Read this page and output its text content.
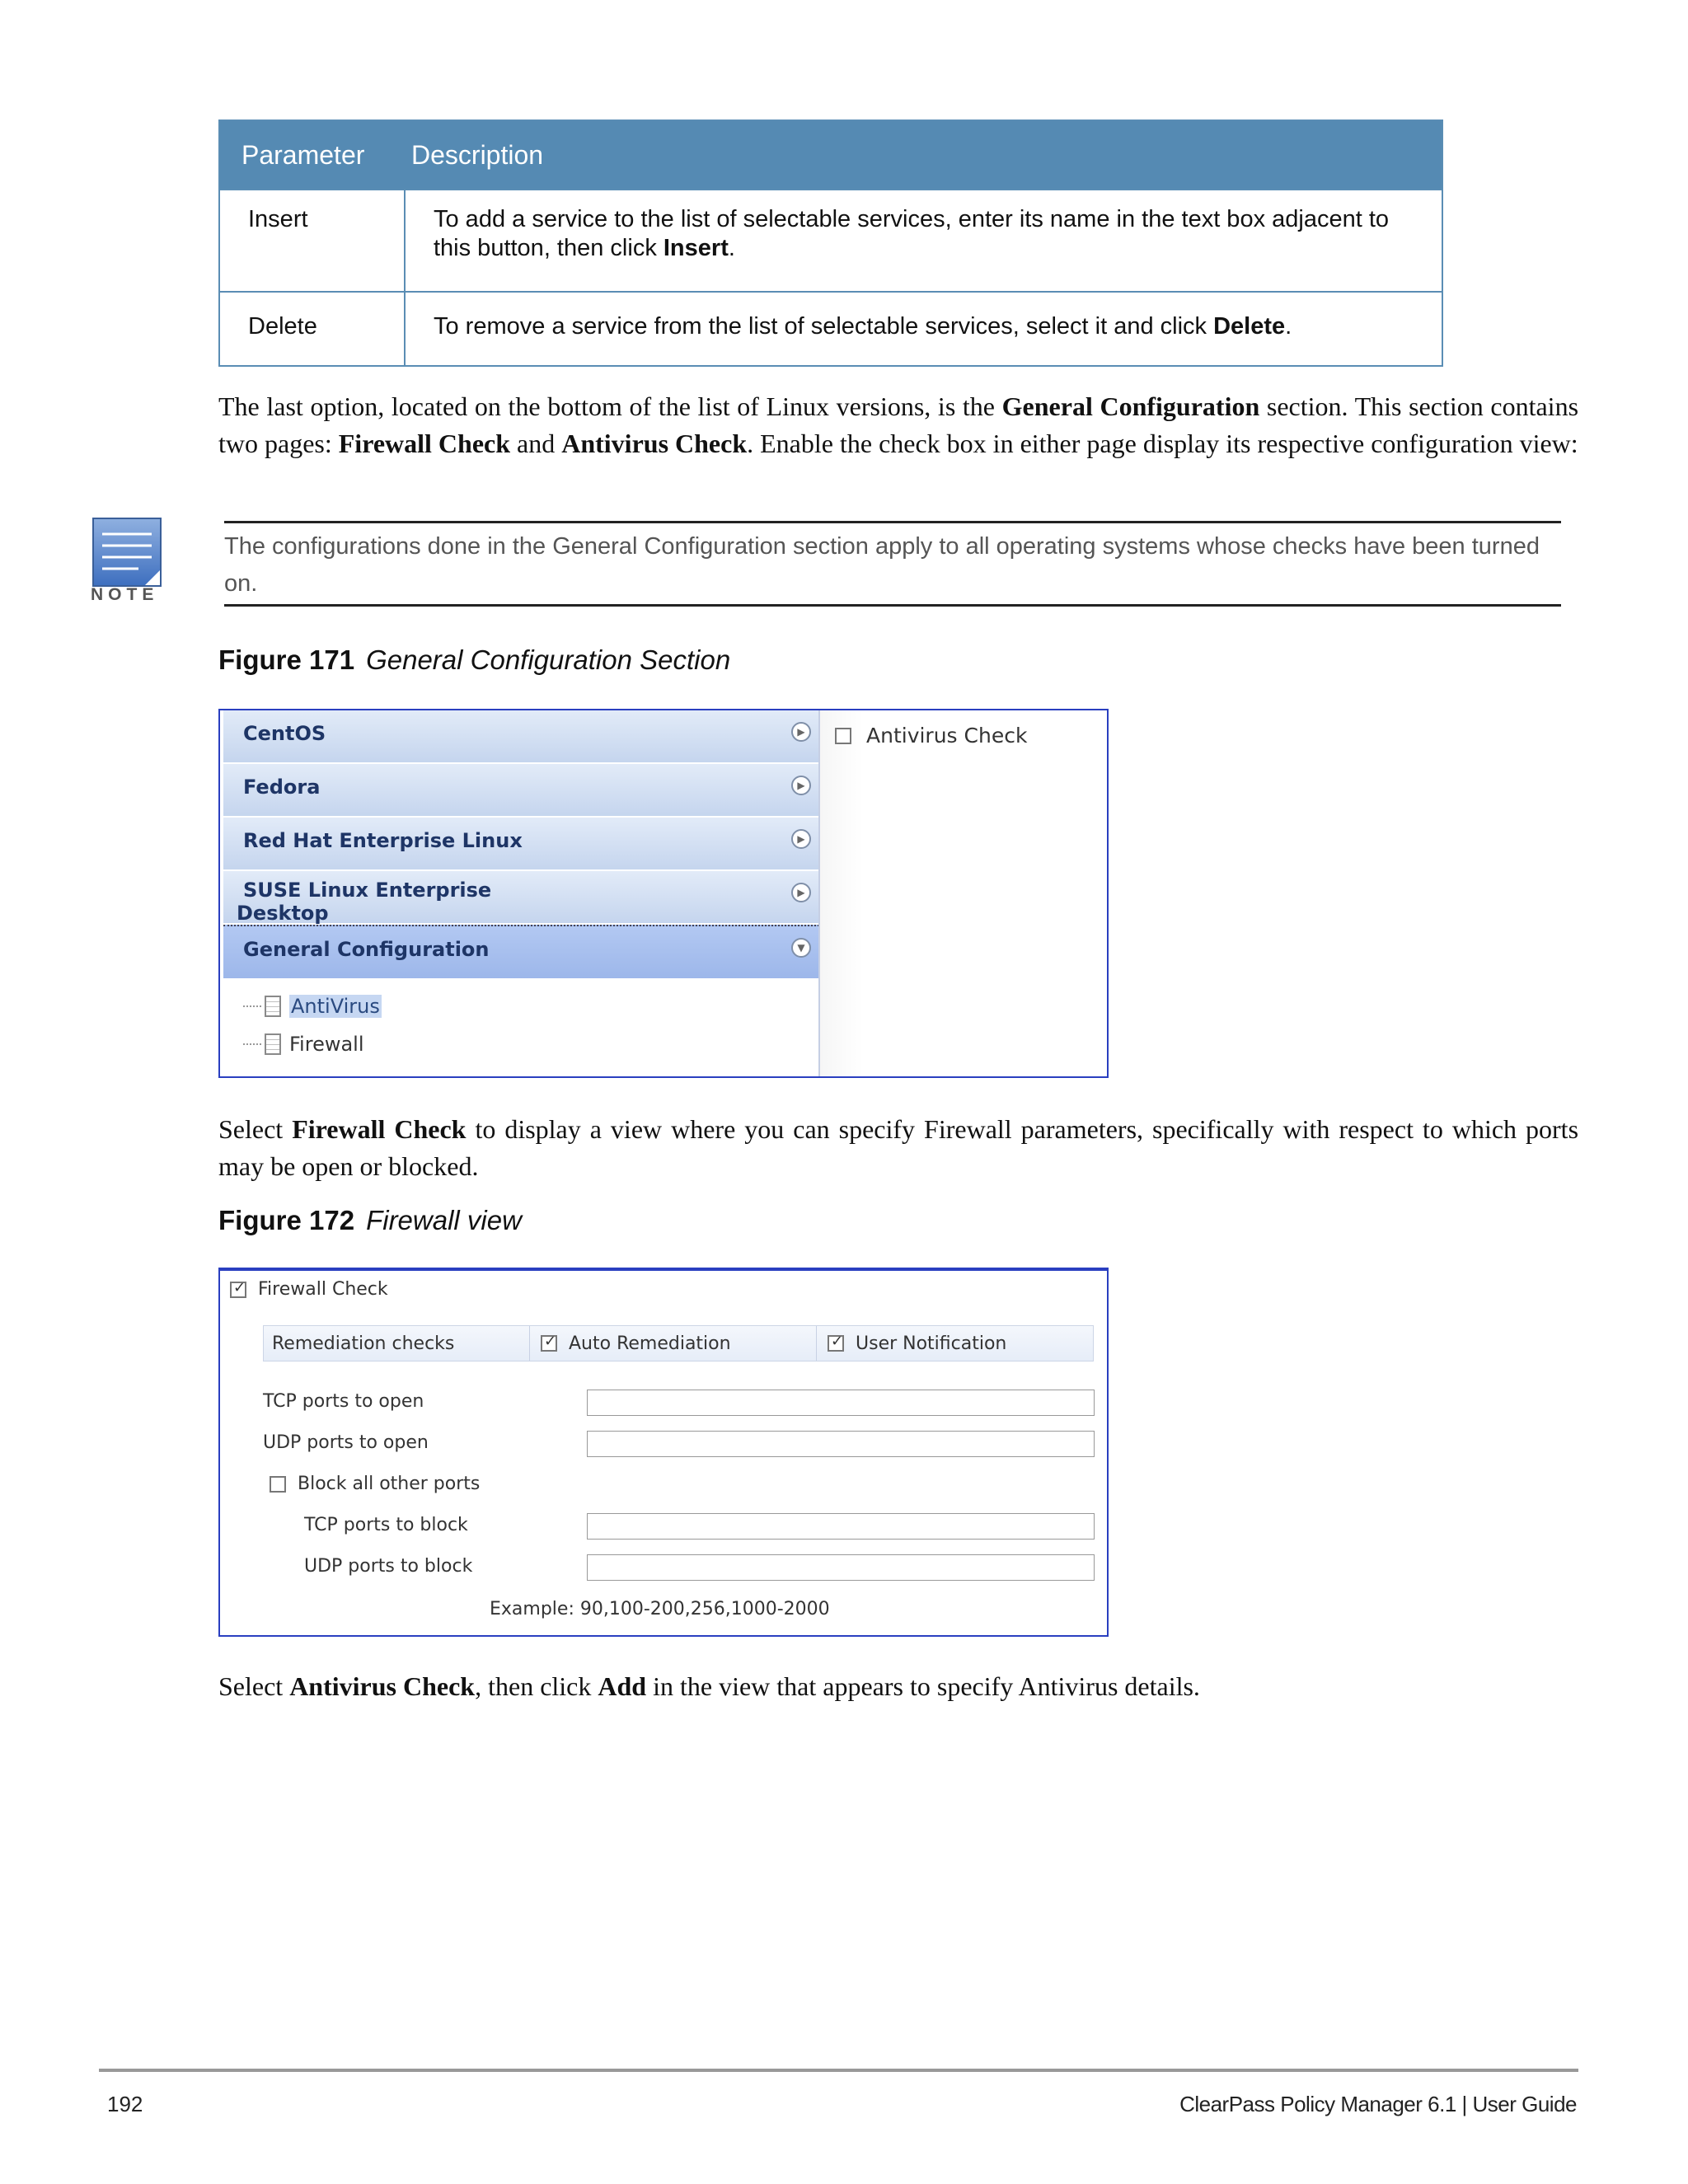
Parameter	Description
Insert	To add a service to the list of selectable services, enter its name in the text box adjacent to this button, then click Insert.
Delete	To remove a service from the list of selectable services, select it and click Delete.
The last option, located on the bottom of the list of Linux versions, is the General Configuration section. This section contains two pages: Firewall Check and Antivirus Check. Enable the check box in either page display its respective configuration view:
NOTE
The configurations done in the General Configuration section apply to all operating systems whose checks have been turned on.
Figure 171 General Configuration Section
CentOS	▶
Fedora	▶
Red Hat Enterprise Linux	▶
SUSE Linux Enterprise
Desktop
▶
General Configuration	▼
AntiVirus
Firewall
Antivirus Check
Select Firewall Check to display a view where you can specify Firewall parameters, specifically with respect to which ports may be open or blocked.
Figure 172 Firewall view
✓
Firewall Check
Remediation checks ✓	Auto Remediation ✓	User Notification
TCP ports to open
UDP ports to open
Block all other ports
TCP ports to block
UDP ports to block
Example: 90,100-200,256,1000-2000
Select Antivirus Check, then click Add in the view that appears to specify Antivirus details.
192	ClearPass Policy Manager 6.1 | User Guide
